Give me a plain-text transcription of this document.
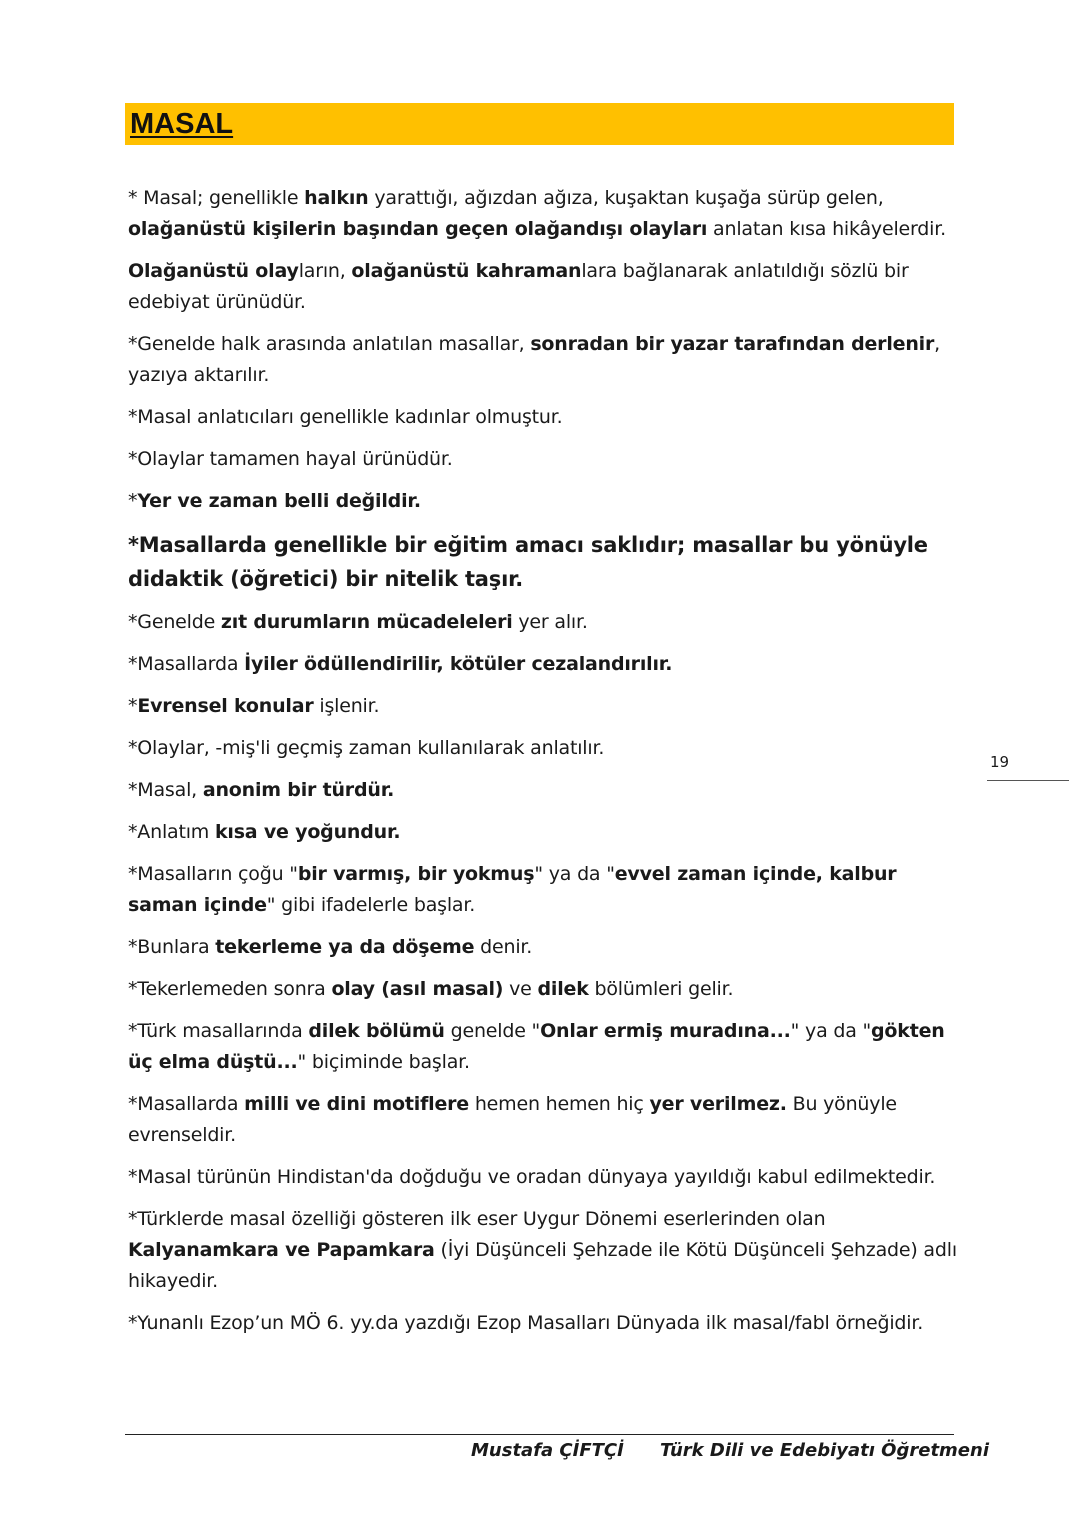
MASAL

* Masal; genellikle halkın yarattığı, ağızdan ağıza, kuşaktan kuşağa sürüp gelen, olağanüstü kişilerin başından geçen olağandışı olayları anlatan kısa hikâyelerdir.

Olağanüstü olayların, olağanüstü kahramanlara bağlanarak anlatıldığı sözlü bir edebiyat ürünüdür.

*Genelde halk arasında anlatılan masallar, sonradan bir yazar tarafından derlenir, yazıya aktarılır.

*Masal anlatıcıları genellikle kadınlar olmuştur.

*Olaylar tamamen hayal ürünüdür.

*Yer ve zaman belli değildir.

*Masallarda genellikle bir eğitim amacı saklıdır; masallar bu yönüyle didaktik (öğretici) bir nitelik taşır.

*Genelde zıt durumların mücadeleleri yer alır.

*Masallarda İyiler ödüllendirilir, kötüler cezalandırılır.

*Evrensel konular işlenir.

*Olaylar, -miş'li geçmiş zaman kullanılarak anlatılır.

*Masal, anonim bir türdür.

*Anlatım kısa ve yoğundur.

*Masalların çoğu "bir varmış, bir yokmuş" ya da "evvel zaman içinde, kalbur saman içinde" gibi ifadelerle başlar.

*Bunlara tekerleme ya da döşeme denir.

*Tekerlemeden sonra olay (asıl masal) ve dilek bölümleri gelir.

*Türk masallarında dilek bölümü genelde "Onlar ermiş muradına..." ya da "gökten üç elma düştü..." biçiminde başlar.

*Masallarda milli ve dini motiflere hemen hemen hiç yer verilmez. Bu yönüyle evrenseldir.

*Masal türünün Hindistan'da doğduğu ve oradan dünyaya yayıldığı kabul edilmektedir.

*Türklerde masal özelliği gösteren ilk eser Uygur Dönemi eserlerinden olan Kalyanamkara ve Papamkara (İyi Düşünceli Şehzade ile Kötü Düşünceli Şehzade) adlı hikayedir.

*Yunanlı Ezop’un MÖ 6. yy.da yazdığı Ezop Masalları Dünyada ilk masal/fabl örneğidir.

19
Mustafa ÇİFTÇİ Türk Dili ve Edebiyatı Öğretmeni
